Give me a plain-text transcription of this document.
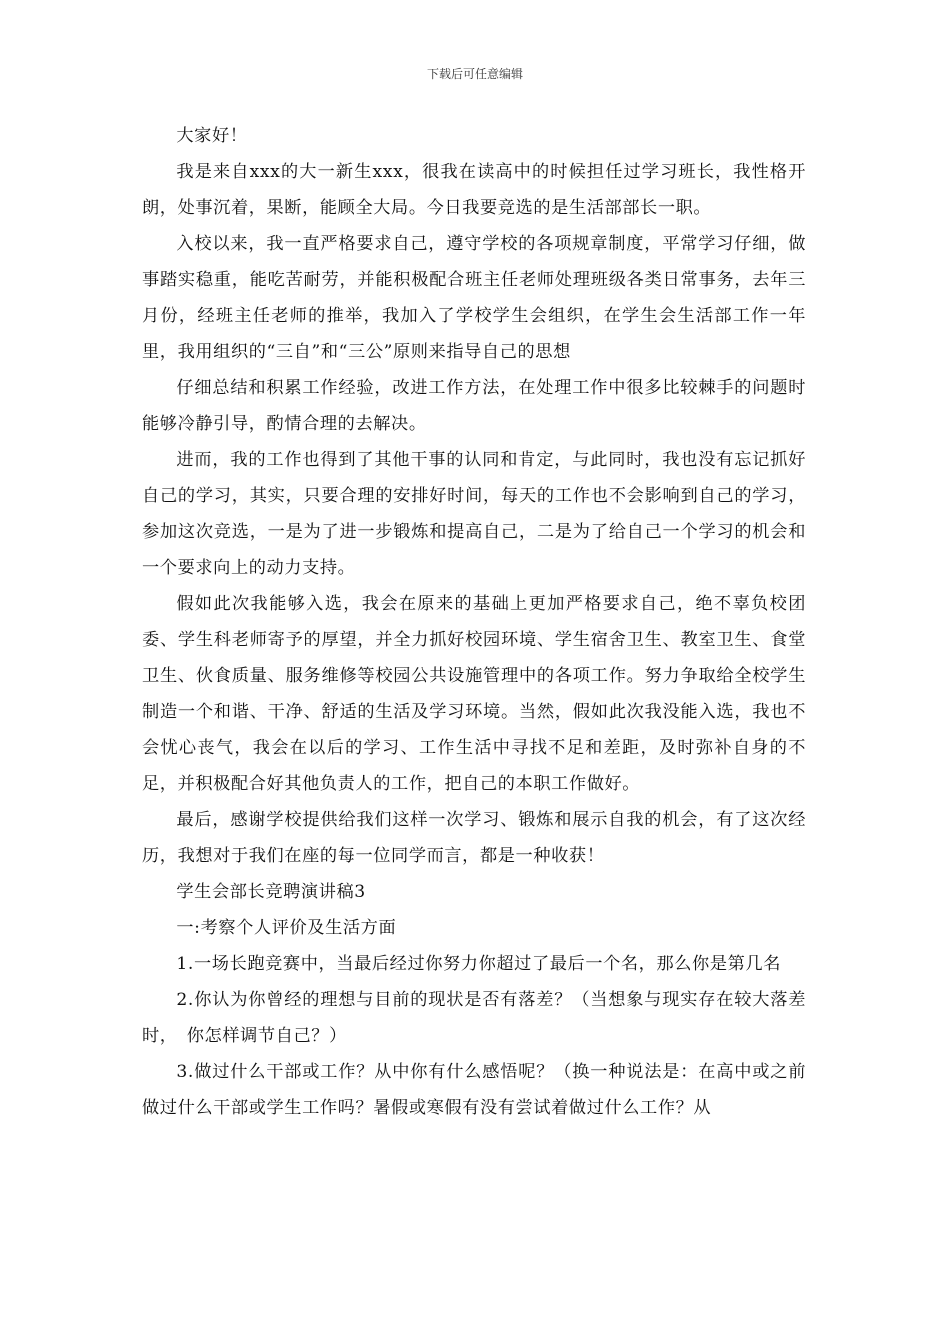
下载后可任意编辑

大家好！

我是来自xxx的大一新生xxx，很我在读高中的时候担任过学习班长，我性格开朗，处事沉着，果断，能顾全大局。今日我要竞选的是生活部部长一职。

入校以来，我一直严格要求自己，遵守学校的各项规章制度，平常学习仔细，做事踏实稳重，能吃苦耐劳，并能积极配合班主任老师处理班级各类日常事务，去年三月份，经班主任老师的推举，我加入了学校学生会组织，在学生会生活部工作一年里，我用组织的“三自”和“三公”原则来指导自己的思想

仔细总结和积累工作经验，改进工作方法，在处理工作中很多比较棘手的问题时能够冷静引导，酌情合理的去解决。

进而，我的工作也得到了其他干事的认同和肯定，与此同时，我也没有忘记抓好自己的学习，其实，只要合理的安排好时间，每天的工作也不会影响到自己的学习，参加这次竞选，一是为了进一步锻炼和提高自己，二是为了给自己一个学习的机会和一个要求向上的动力支持。

假如此次我能够入选，我会在原来的基础上更加严格要求自己，绝不辜负校团委、学生科老师寄予的厚望，并全力抓好校园环境、学生宿舍卫生、教室卫生、食堂卫生、伙食质量、服务维修等校园公共设施管理中的各项工作。努力争取给全校学生制造一个和谐、干净、舒适的生活及学习环境。当然，假如此次我没能入选，我也不会忧心丧气，我会在以后的学习、工作生活中寻找不足和差距，及时弥补自身的不足，并积极配合好其他负责人的工作，把自己的本职工作做好。

最后，感谢学校提供给我们这样一次学习、锻炼和展示自我的机会，有了这次经历，我想对于我们在座的每一位同学而言，都是一种收获！

学生会部长竞聘演讲稿3

一:考察个人评价及生活方面

1.一场长跑竞赛中，当最后经过你努力你超过了最后一个名，那么你是第几名

2.你认为你曾经的理想与目前的现状是否有落差？（当想象与现实存在较大落差时，　你怎样调节自己？）

3.做过什么干部或工作？从中你有什么感悟呢？（换一种说法是：在高中或之前做过什么干部或学生工作吗？暑假或寒假有没有尝试着做过什么工作？从
